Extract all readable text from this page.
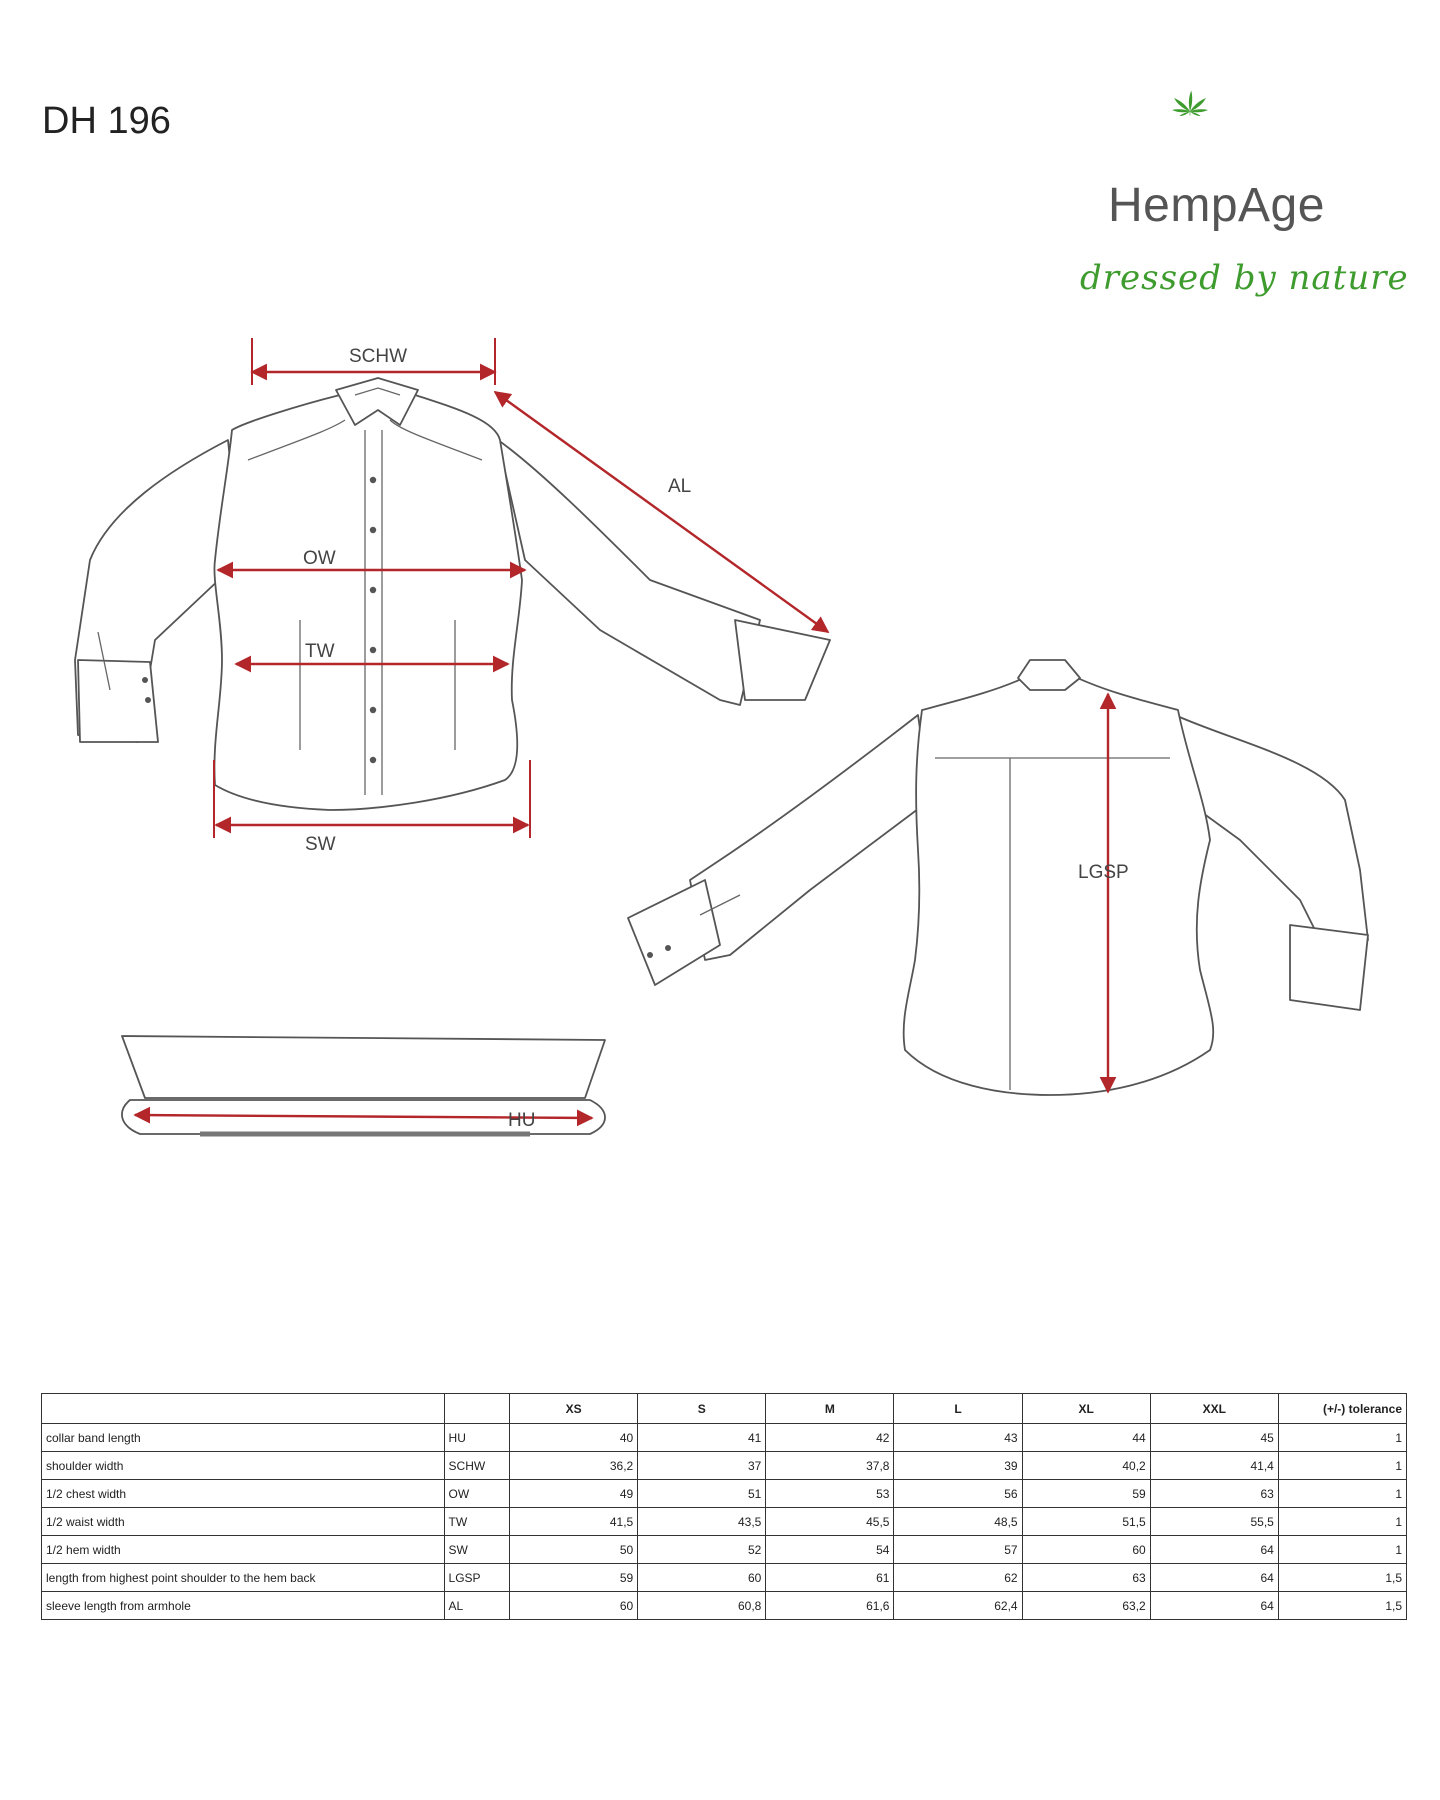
DH 196
HempAge
dressed by nature
SCHW
AL
OW
TW
SW
LGSP
HU
		XS	S	M	L	XL	XXL	(+/-) tolerance
collar band length	HU	40	41	42	43	44	45	1
shoulder width	SCHW	36,2	37	37,8	39	40,2	41,4	1
1/2 chest width	OW	49	51	53	56	59	63	1
1/2 waist width	TW	41,5	43,5	45,5	48,5	51,5	55,5	1
1/2 hem width	SW	50	52	54	57	60	64	1
length from highest point shoulder to the hem back	LGSP	59	60	61	62	63	64	1,5
sleeve length from armhole	AL	60	60,8	61,6	62,4	63,2	64	1,5
